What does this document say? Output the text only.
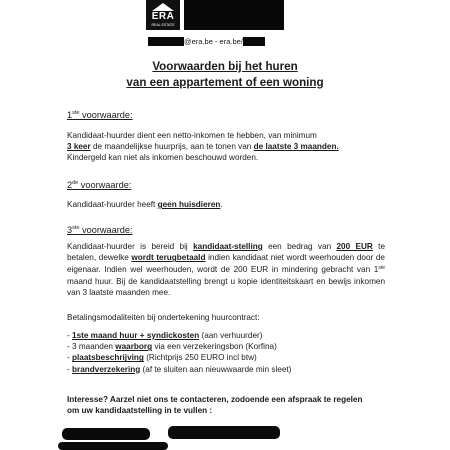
ERA
REAL ESTATE
@era.be - era.be/
Voorwaarden bij het huren
van een appartement of een woning
1ste voorwaarde:

Kandidaat-huurder dient een netto-inkomen te hebben, van minimum

3 keer de maandelijkse huurprijs, aan te tonen van de laatste 3 maanden.

Kindergeld kan niet als inkomen beschouwd worden.

2de voorwaarde:

Kandidaat-huurder heeft geen huisdieren.

3ste voorwaarde:

Kandidaat-huurder is bereid bij kandidaat-stelling een bedrag van 200 EUR te betalen, dewelke wordt terugbetaald indien kandidaat niet wordt weerhouden door de eigenaar. Indien wel weerhouden, wordt de 200 EUR in mindering gebracht van 1ste maand huur. Bij de kandidaatstelling brengt u kopie identiteitskaart en bewijs inkomen van 3 laatste maanden mee.

Betalingsmodaliteiten bij ondertekening huurcontract:
- 1ste maand huur + syndickosten (aan verhuurder)
- 3 maanden waarborg via een verzekeringsbon (Korfina)
- plaatsbeschrijving (Richtprijs 250 EURO incl btw)
- brandverzekering (af te sluiten aan nieuwwaarde min sleet)

Interesse? Aarzel niet ons te contacteren, zodoende een afspraak te regelen

om uw kandidaatstelling in te vullen :
